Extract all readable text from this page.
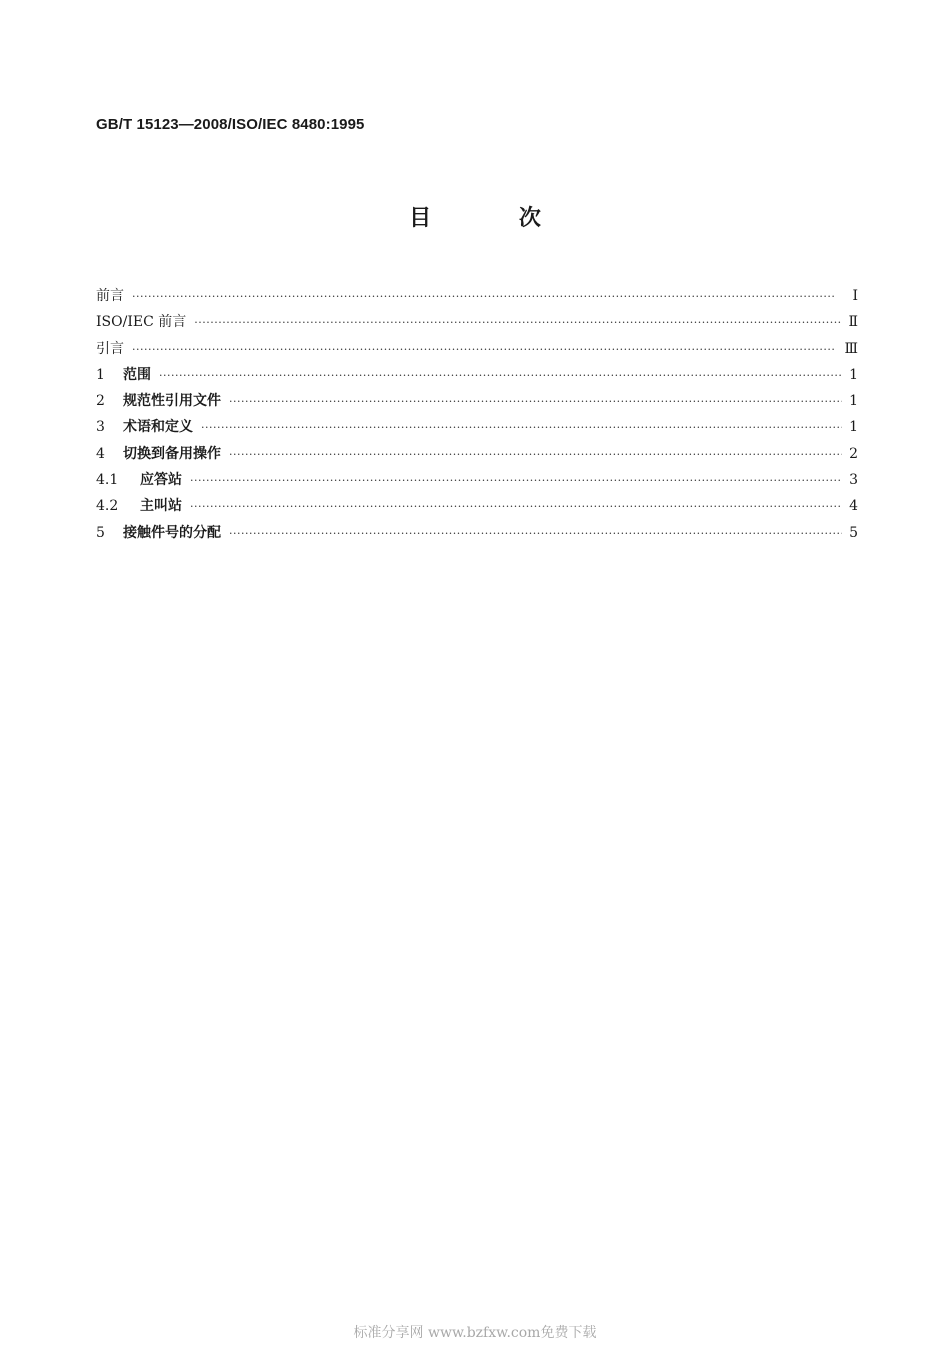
GB/T 15123—2008/ISO/IEC 8480:1995
目 次
前言 ·····	I
ISO/IEC 前言 ·····	Ⅱ
引言 ·····	Ⅲ
1 范围 ·····	1
2 规范性引用文件 ·····	1
3 术语和定义 ·····	1
4 切换到备用操作 ·····	2
4.1 应答站 ·····	3
4.2 主叫站 ·····	4
5 接触件号的分配 ·····	5
标准分享网 www.bzfxw.com免费下载
